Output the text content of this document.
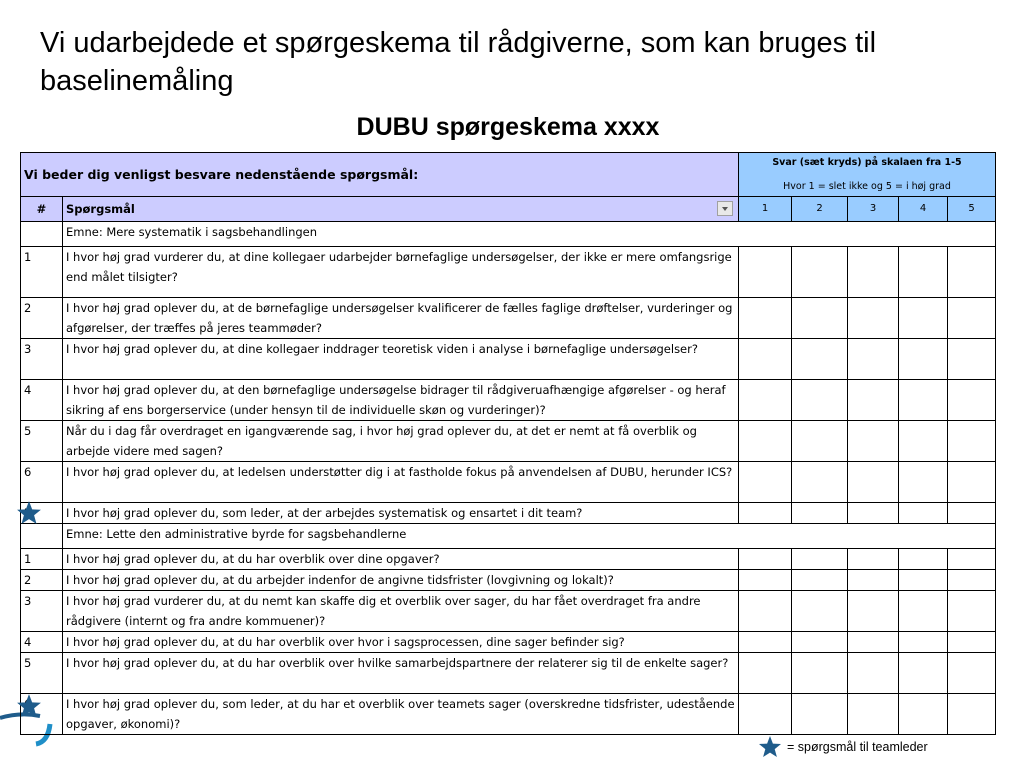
Vi udarbejdede et spørgeskema til rådgiverne, som kan bruges til baselinemåling
DUBU spørgeskema xxxx
Vi beder dig venligst besvare nedenstående spørgsmål:		Svar (sæt kryds) på skalaen fra 1-5
Hvor 1 = slet ikke og 5 = i høj grad				

#	Spørgsmål	1	2	3	4	5
	Emne: Mere systematik i sagsbehandlingen					
1	I hvor høj grad vurderer du, at dine kollegaer udarbejder børnefaglige undersøgelser, der ikke er mere omfangsrige end målet tilsigter?					
2	I hvor høj grad oplever du, at de børnefaglige undersøgelser kvalificerer de fælles faglige drøftelser, vurderinger og afgørelser, der træffes på jeres teammøder?					
3	I hvor høj grad oplever du, at dine kollegaer inddrager teoretisk viden i analyse i børnefaglige undersøgelser?					
4	I hvor høj grad oplever du, at den børnefaglige undersøgelse bidrager til rådgiveruafhængige afgørelser - og heraf sikring af ens borgerservice (under hensyn til de individuelle skøn og vurderinger)?					
5	Når du i dag får overdraget en igangværende sag, i hvor høj grad oplever du, at det er nemt at få overblik og arbejde videre med sagen?					
6	I hvor høj grad oplever du, at ledelsen understøtter dig i at fastholde fokus på anvendelsen af DUBU, herunder ICS?					
	I hvor høj grad oplever du, som leder, at der arbejdes systematisk og ensartet i dit team?					
	Emne: Lette den administrative byrde for sagsbehandlerne					
1	I hvor høj grad oplever du, at du har overblik over dine opgaver?					
2	I hvor høj grad oplever du, at du arbejder indenfor de angivne tidsfrister (lovgivning og lokalt)?					
3	I hvor høj grad vurderer du, at du nemt kan skaffe dig et overblik over sager, du har fået overdraget fra andre rådgivere (internt og fra andre kommuener)?					
4	I hvor høj grad oplever du, at du har overblik over hvor i sagsprocessen, dine sager befinder sig?					
5	I hvor høj grad oplever du, at du har overblik over hvilke samarbejdspartnere der relaterer sig til de enkelte sager?					
	I hvor høj grad oplever du, som leder, at du har et overblik over teamets sager (overskredne tidsfrister, udestående opgaver, økonomi)?					
= spørgsmål til teamleder
